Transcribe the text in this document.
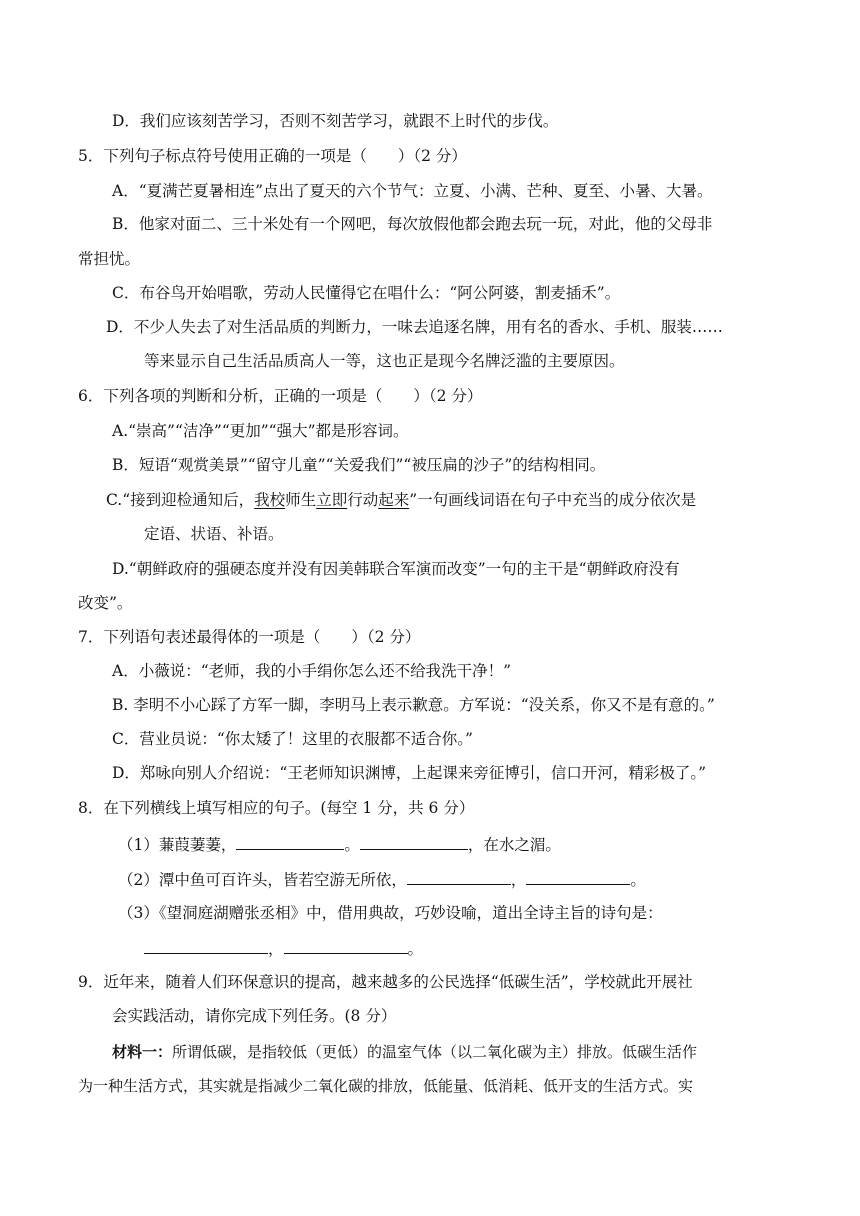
D．我们应该刻苦学习，否则不刻苦学习，就跟不上时代的步伐。
5．下列句子标点符号使用正确的一项是（　　）（2 分）
A．“夏满芒夏暑相连”点出了夏天的六个节气：立夏、小满、芒种、夏至、小暑、大暑。
B．他家对面二、三十米处有一个网吧，每次放假他都会跑去玩一玩，对此，他的父母非
常担忧。
C．布谷鸟开始唱歌，劳动人民懂得它在唱什么：“阿公阿婆，割麦插禾”。
D．不少人失去了对生活品质的判断力，一味去追逐名牌，用有名的香水、手机、服装……
等来显示自己生活品质高人一等，这也正是现今名牌泛滥的主要原因。
6．下列各项的判断和分析，正确的一项是（　　）（2 分）
A.“崇高”“洁净”“更加”“强大”都是形容词。
B．短语“观赏美景”“留守儿童”“关爱我们”“被压扁的沙子”的结构相同。
C.“接到迎检通知后，我校师生立即行动起来”一句画线词语在句子中充当的成分依次是
定语、状语、补语。
D.“朝鲜政府的强硬态度并没有因美韩联合军演而改变”一句的主干是“朝鲜政府没有
改变”。
7．下列语句表述最得体的一项是（　　）（2 分）
A．小薇说：“老师，我的小手绢你怎么还不给我洗干净！”
B. 李明不小心踩了方军一脚，李明马上表示歉意。方军说：“没关系，你又不是有意的。”
C．营业员说：“你太矮了！这里的衣服都不适合你。”
D．郑咏向别人介绍说：“王老师知识渊博，上起课来旁征博引，信口开河，精彩极了。”
8．在下列横线上填写相应的句子。(每空 1 分，共 6 分）
（1）蒹葭萋萋，	。	，在水之湄。
（2）潭中鱼可百许头，皆若空游无所依，	，	。
（3）《望洞庭湖赠张丞相》中，借用典故，巧妙设喻，道出全诗主旨的诗句是：
，	。
9．近年来，随着人们环保意识的提高，越来越多的公民选择“低碳生活”，学校就此开展社
会实践活动，请你完成下列任务。(8 分）
材料一：所谓低碳，是指较低（更低）的温室气体（以二氧化碳为主）排放。低碳生活作
为一种生活方式，其实就是指减少二氧化碳的排放，低能量、低消耗、低开支的生活方式。实
